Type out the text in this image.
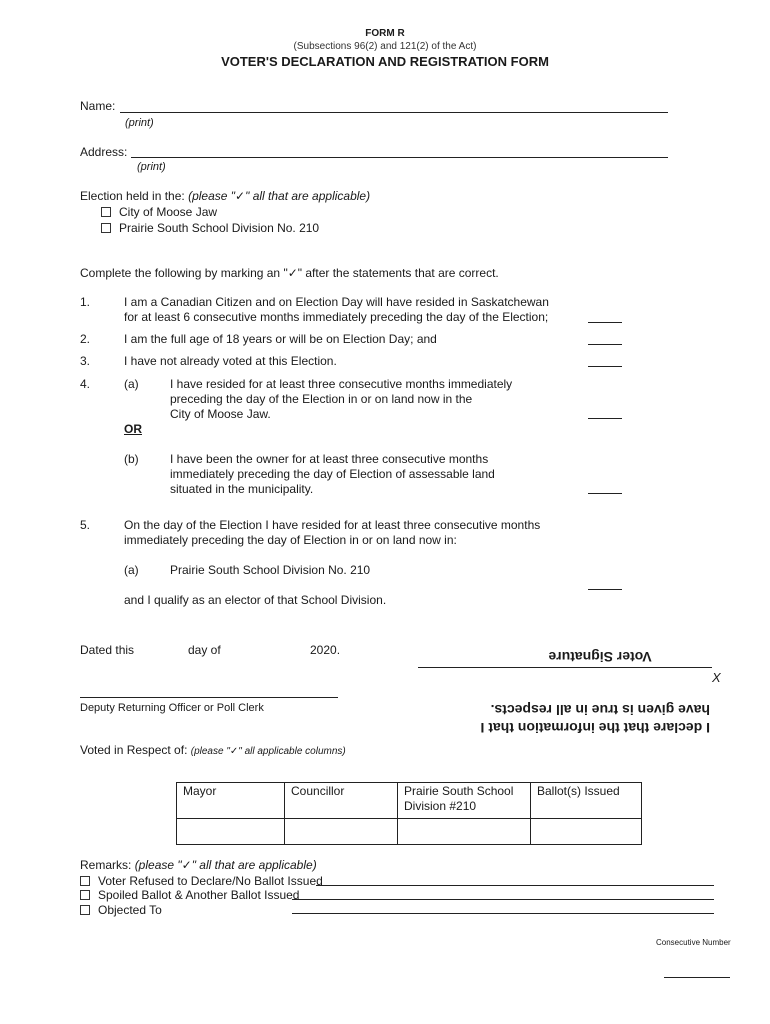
FORM R
(Subsections 96(2) and 121(2) of the Act)
VOTER'S DECLARATION AND REGISTRATION FORM
Name:
(print)
Address:
(print)
Election held in the: (please "✓" all that are applicable)
City of Moose Jaw
Prairie South School Division No. 210
Complete the following by marking an "✓" after the statements that are correct.
1.	I am a Canadian Citizen and on Election Day will have resided in Saskatchewan
for at least 6 consecutive months immediately preceding the day of the Election;
2.	I am the full age of 18 years or will be on Election Day; and
3.	I have not already voted at this Election.
4.	(a)	I have resided for at least three consecutive months immediately
preceding the day of the Election in or on land now in the
City of Moose Jaw.
OR
(b)	I have been the owner for at least three consecutive months
immediately preceding the day of Election of assessable land
situated in the municipality.
5.	On the day of the Election I have resided for at least three consecutive months
immediately preceding the day of Election in or on land now in:
(a)	Prairie South School Division No. 210
and I qualify as an elector of that School Division.
Dated this	day of	2020.	Voter Signature
X
Deputy Returning Officer or Poll Clerk
I declare that the information that I
have given is true in all respects.
Voted in Respect of: (please "✓" all applicable columns)
Mayor	Councillor	Prairie South School Division #210	Ballot(s) Issued

Remarks: (please "✓" all that are applicable)
Voter Refused to Declare/No Ballot Issued
Spoiled Ballot & Another Ballot Issued
Objected To
Consecutive Number
